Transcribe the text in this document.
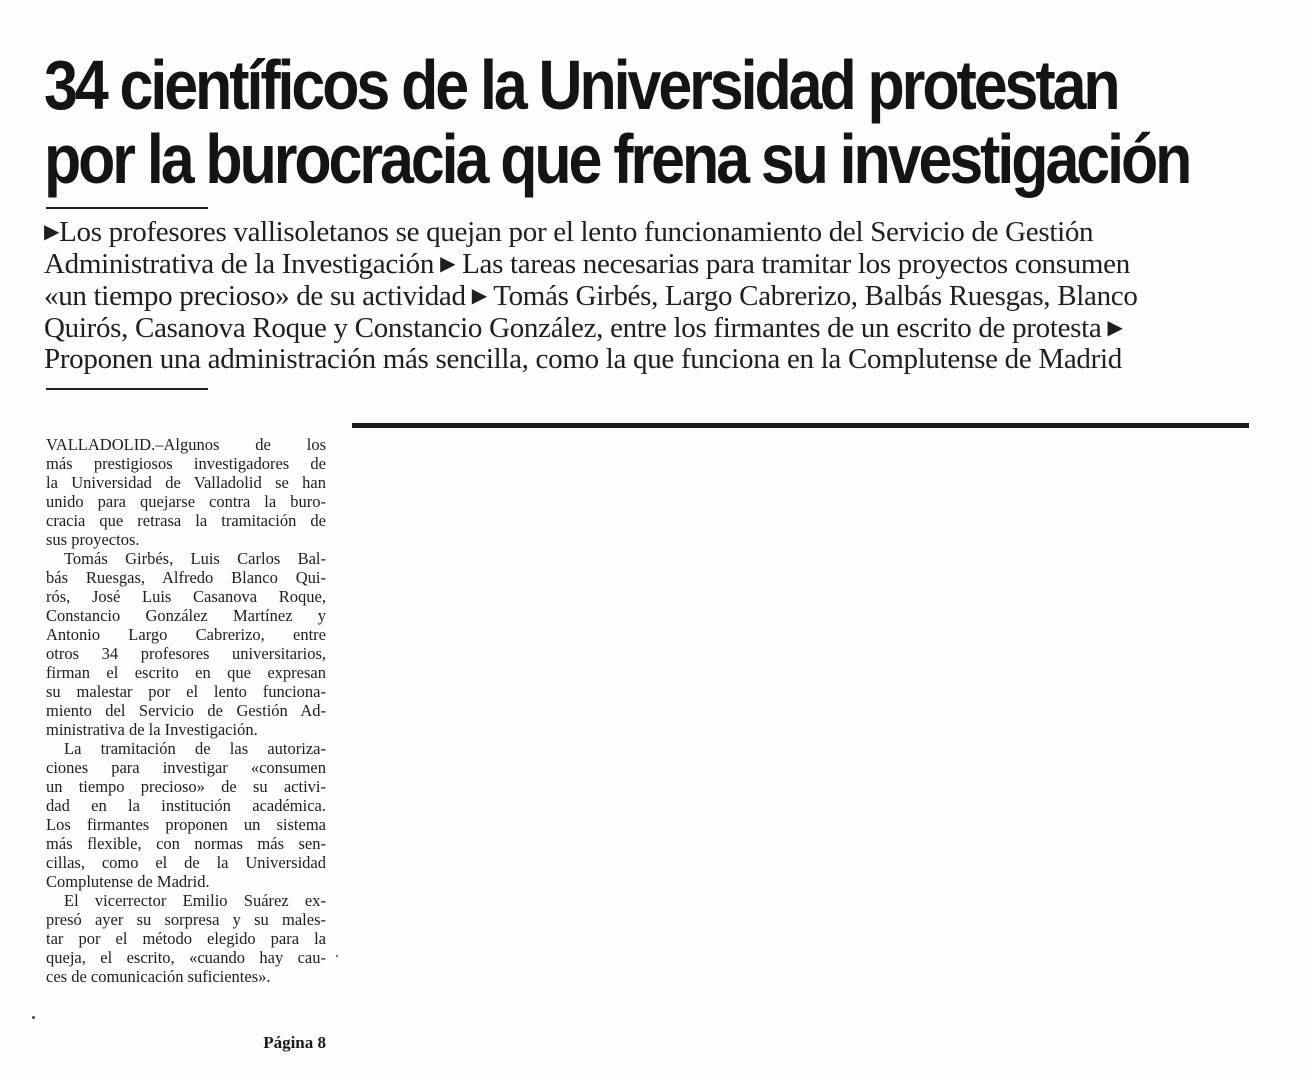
34 científicos de la Universidad protestan
por la burocracia que frena su investigación
▶Los profesores vallisoletanos se quejan por el lento funcionamiento del Servicio de Gestión
Administrativa de la Investigación ▶ Las tareas necesarias para tramitar los proyectos consumen
«un tiempo precioso» de su actividad ▶ Tomás Girbés, Largo Cabrerizo, Balbás Ruesgas, Blanco
Quirós, Casanova Roque y Constancio González, entre los firmantes de un escrito de protesta ▶
Proponen una administración más sencilla, como la que funciona en la Complutense de Madrid
VALLADOLID.–Algunos de los
más prestigiosos investigadores de
la Universidad de Valladolid se han
unido para quejarse contra la buro-
cracia que retrasa la tramitación de
sus proyectos.
Tomás Girbés, Luis Carlos Bal-
bás Ruesgas, Alfredo Blanco Qui-
rós, José Luis Casanova Roque,
Constancio González Martínez y
Antonio Largo Cabrerizo, entre
otros 34 profesores universitarios,
firman el escrito en que expresan
su malestar por el lento funciona-
miento del Servicio de Gestión Ad-
ministrativa de la Investigación.
La tramitación de las autoriza-
ciones para investigar «consumen
un tiempo precioso» de su activi-
dad en la institución académica.
Los firmantes proponen un sistema
más flexible, con normas más sen-
cillas, como el de la Universidad
Complutense de Madrid.
El vicerrector Emilio Suárez ex-
presó ayer su sorpresa y su males-
tar por el método elegido para la
queja, el escrito, «cuando hay cau-
ces de comunicación suficientes».
Página 8
